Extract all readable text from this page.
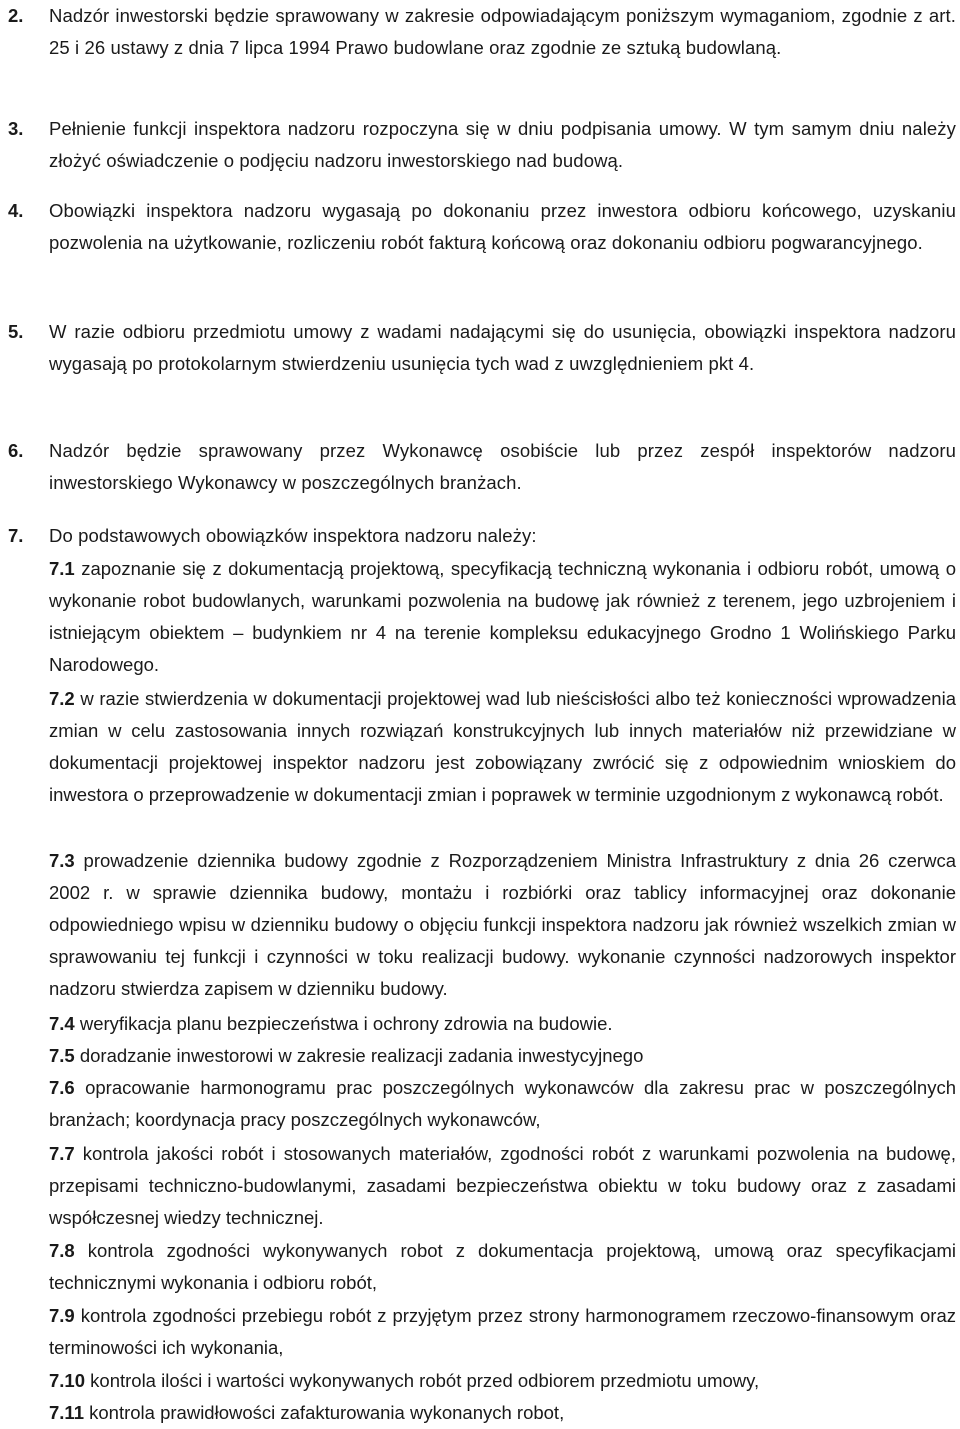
2. Nadzór inwestorski będzie sprawowany w zakresie odpowiadającym poniższym wymaganiom, zgodnie z art. 25 i 26 ustawy z dnia 7 lipca 1994 Prawo budowlane oraz zgodnie ze sztuką budowlaną.
3. Pełnienie funkcji inspektora nadzoru rozpoczyna się w dniu podpisania umowy. W tym samym dniu należy złożyć oświadczenie o podjęciu nadzoru inwestorskiego nad budową.
4. Obowiązki inspektora nadzoru wygasają po dokonaniu przez inwestora odbioru końcowego, uzyskaniu pozwolenia na użytkowanie, rozliczeniu robót fakturą końcową oraz dokonaniu odbioru pogwarancyjnego.
5. W razie odbioru przedmiotu umowy z wadami nadającymi się do usunięcia, obowiązki inspektora nadzoru wygasają po protokolarnym stwierdzeniu usunięcia tych wad z uwzględnieniem pkt 4.
6. Nadzór będzie sprawowany przez Wykonawcę osobiście lub przez zespół inspektorów nadzoru inwestorskiego Wykonawcy w poszczególnych branżach.
7. Do podstawowych obowiązków inspektora nadzoru należy:
7.1 zapoznanie się z dokumentacją projektową, specyfikacją techniczną wykonania i odbioru robót, umową o wykonanie robot budowlanych, warunkami pozwolenia na budowę jak również z terenem, jego uzbrojeniem i istniejącym obiektem – budynkiem nr 4 na terenie kompleksu edukacyjnego Grodno 1 Wolińskiego Parku Narodowego.
7.2 w razie stwierdzenia w dokumentacji projektowej wad lub nieścisłości albo też konieczności wprowadzenia zmian w celu zastosowania innych rozwiązań konstrukcyjnych lub innych materiałów niż przewidziane w dokumentacji projektowej inspektor nadzoru jest zobowiązany zwrócić się z odpowiednim wnioskiem do inwestora o przeprowadzenie w dokumentacji zmian i poprawek w terminie uzgodnionym z wykonawcą robót.
7.3 prowadzenie dziennika budowy zgodnie z Rozporządzeniem Ministra Infrastruktury z dnia 26 czerwca 2002 r. w sprawie dziennika budowy, montażu i rozbiórki oraz tablicy informacyjnej oraz dokonanie odpowiedniego wpisu w dzienniku budowy o objęciu funkcji inspektora nadzoru jak również wszelkich zmian w sprawowaniu tej funkcji i czynności w toku realizacji budowy. wykonanie czynności nadzorowych inspektor nadzoru stwierdza zapisem w dzienniku budowy.
7.4 weryfikacja planu bezpieczeństwa i ochrony zdrowia na budowie.
7.5 doradzanie inwestorowi w zakresie realizacji zadania inwestycyjnego
7.6 opracowanie harmonogramu prac poszczególnych wykonawców dla zakresu prac w poszczególnych branżach; koordynacja pracy poszczególnych wykonawców,
7.7 kontrola jakości robót i stosowanych materiałów, zgodności robót z warunkami pozwolenia na budowę, przepisami techniczno-budowlanymi, zasadami bezpieczeństwa obiektu w toku budowy oraz z zasadami współczesnej wiedzy technicznej.
7.8 kontrola zgodności wykonywanych robot z dokumentacja projektową, umową oraz specyfikacjami technicznymi wykonania i odbioru robót,
7.9 kontrola zgodności przebiegu robót z przyjętym przez strony harmonogramem rzeczowo-finansowym oraz terminowości ich wykonania,
7.10 kontrola ilości i wartości wykonywanych robót przed odbiorem przedmiotu umowy,
7.11 kontrola prawidłowości zafakturowania wykonanych robot,
